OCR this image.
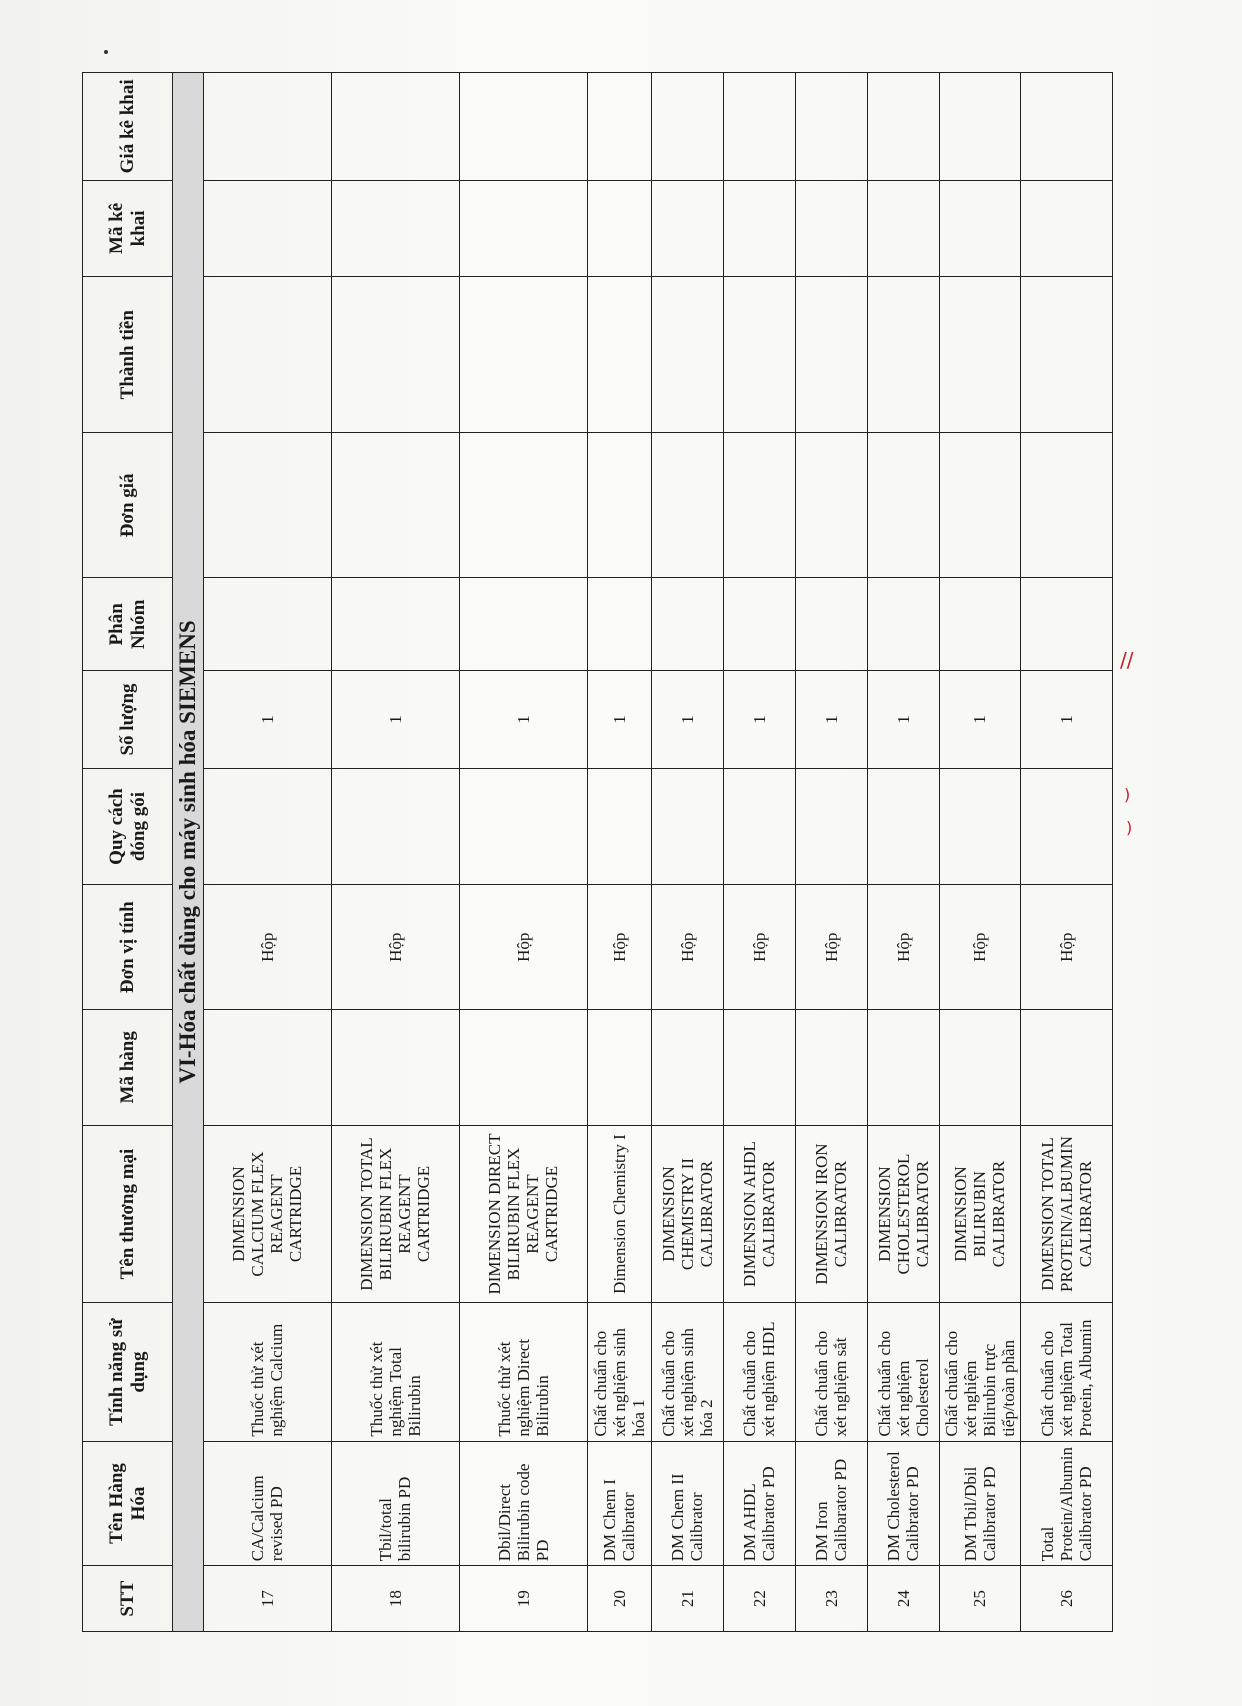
//
)
)
STT	Tên Hàng Hóa	Tính năng sử dụng	Tên thương mại	Mã hàng	Đơn vị tính	Quy cách đóng gói	Số lượng	Phân Nhóm	Đơn giá	Thành tiền	Mã kê khai	Giá kê khai
VI-Hóa chất dùng cho máy sinh hóa SIEMENS												
17	CA/Calcium revised PD	Thuốc thử xét nghiệm Calcium	DIMENSION CALCIUM FLEX REAGENT CARTRIDGE		Hộp		1					
18	Tbil/total bilirubin PD	Thuốc thử xét nghiệm Total Bilirubin	DIMENSION TOTAL BILIRUBIN FLEX REAGENT CARTRIDGE		Hộp		1					
19	Dbil/Direct Bilirubin code PD	Thuốc thử xét nghiệm Direct Bilirubin	DIMENSION DIRECT BILIRUBIN FLEX REAGENT CARTRIDGE		Hộp		1					
20	DM Chem I Calibrator	Chất chuẩn cho xét nghiệm sinh hóa 1	Dimension Chemistry I		Hộp		1					
21	DM Chem II Calibrator	Chất chuẩn cho xét nghiệm sinh hóa 2	DIMENSION CHEMISTRY II CALIBRATOR		Hộp		1					
22	DM AHDL Calibrator PD	Chất chuẩn cho xét nghiệm HDL	DIMENSION AHDL CALIBRATOR		Hộp		1					
23	DM Iron Calibarator PD	Chất chuẩn cho xét nghiệm sắt	DIMENSION IRON CALIBRATOR		Hộp		1					
24	DM Cholesterol Calibrator PD	Chất chuẩn cho xét nghiệm Cholesterol	DIMENSION CHOLESTEROL CALIBRATOR		Hộp		1					
25	DM Tbil/Dbil Calibrator PD	Chất chuẩn cho xét nghiệm Bilirubin trực tiếp/toàn phần	DIMENSION BILIRUBIN CALIBRATOR		Hộp		1					
26	Total Protein/Albumin Calibrator PD	Chất chuẩn cho xét nghiệm Total Protein, Albumin	DIMENSION TOTAL PROTEIN/ALBUMIN CALIBRATOR		Hộp		1					
